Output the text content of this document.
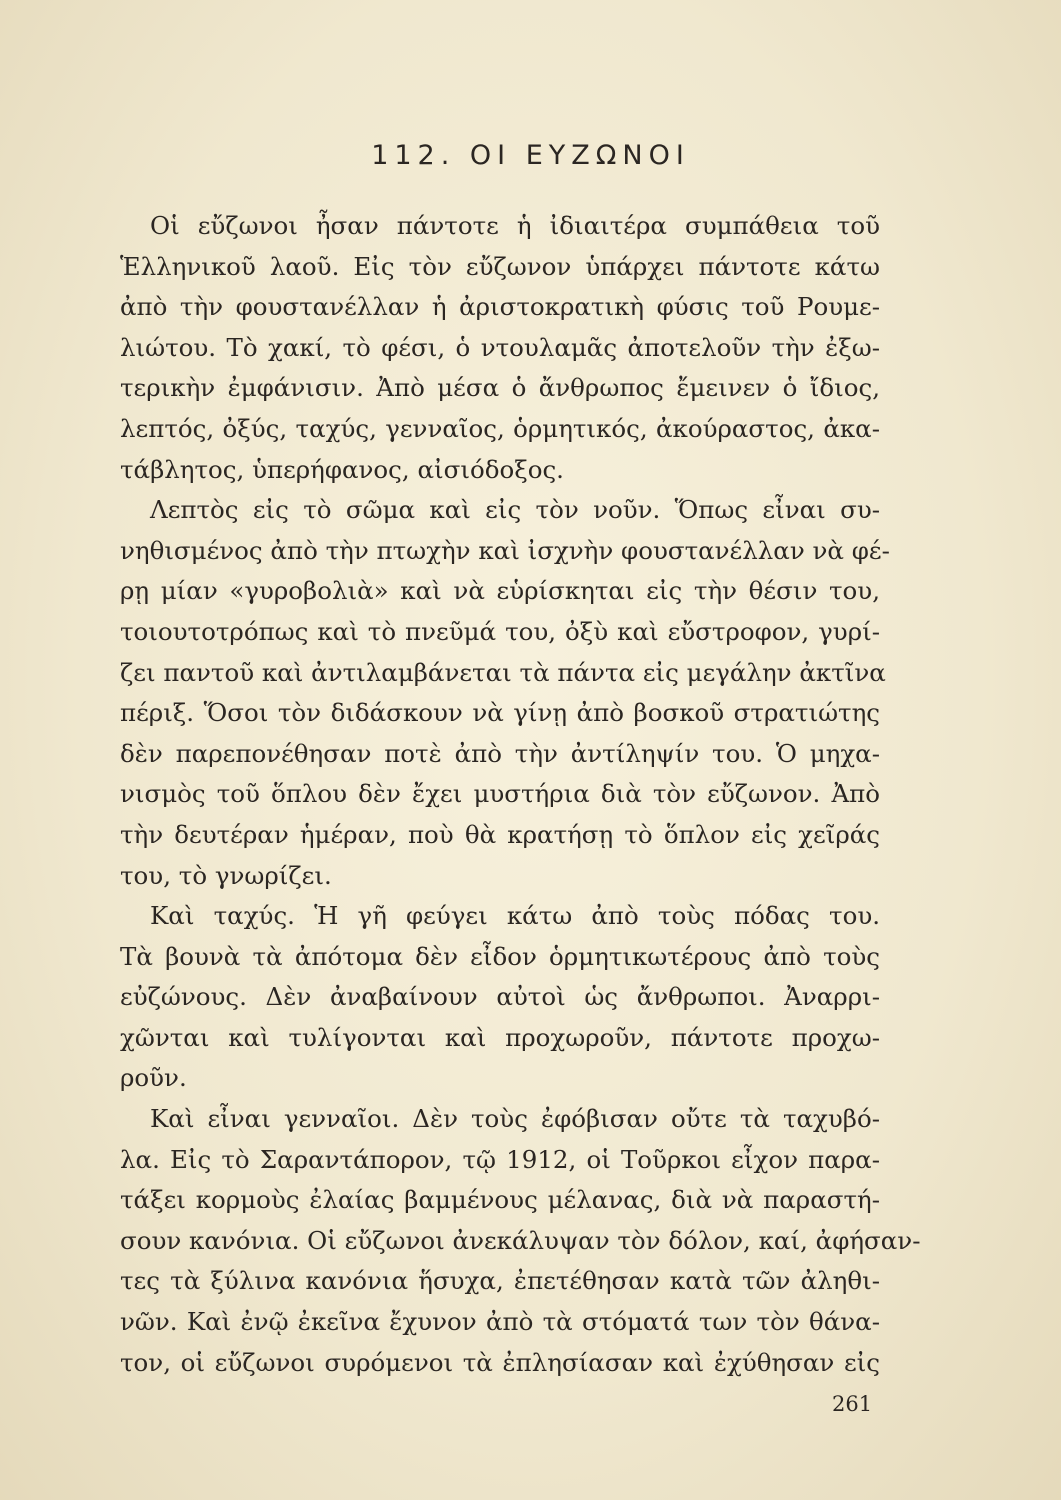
112. ΟΙ ΕΥΖΩΝΟΙ
Οἱ εὔζωνοι ἦσαν πάντοτε ἡ ἰδιαιτέρα συμπάθεια τοῦ
Ἑλληνικοῦ λαοῦ. Εἰς τὸν εὔζωνον ὑπάρχει πάντοτε κάτω
ἀπὸ τὴν φουστανέλλαν ἡ ἀριστοκρατικὴ φύσις τοῦ Ρουμε-
λιώτου. Τὸ χακί, τὸ φέσι, ὁ ντουλαμᾶς ἀποτελοῦν τὴν ἐξω-
τερικὴν ἐμφάνισιν. Ἀπὸ μέσα ὁ ἄνθρωπος ἔμεινεν ὁ ἴδιος,
λεπτός, ὀξύς, ταχύς, γενναῖος, ὁρμητικός, ἀκούραστος, ἀκα-
τάβλητος, ὑπερήφανος, αἰσιόδοξος.
Λεπτὸς εἰς τὸ σῶμα καὶ εἰς τὸν νοῦν. Ὅπως εἶναι συ-
νηθισμένος ἀπὸ τὴν πτωχὴν καὶ ἰσχνὴν φουστανέλλαν νὰ φέ-
ρῃ μίαν «γυροβολιὰ» καὶ νὰ εὑρίσκηται εἰς τὴν θέσιν του,
τοιουτοτρόπως καὶ τὸ πνεῦμά του, ὀξὺ καὶ εὔστροφον, γυρί-
ζει παντοῦ καὶ ἀντιλαμβάνεται τὰ πάντα εἰς μεγάλην ἀκτῖνα
πέριξ. Ὅσοι τὸν διδάσκουν νὰ γίνῃ ἀπὸ βοσκοῦ στρατιώτης
δὲν παρεπονέθησαν ποτὲ ἀπὸ τὴν ἀντίληψίν του. Ὁ μηχα-
νισμὸς τοῦ ὅπλου δὲν ἔχει μυστήρια διὰ τὸν εὔζωνον. Ἀπὸ
τὴν δευτέραν ἡμέραν, ποὺ θὰ κρατήσῃ τὸ ὅπλον εἰς χεῖράς
του, τὸ γνωρίζει.
Καὶ ταχύς. Ἡ γῆ φεύγει κάτω ἀπὸ τοὺς πόδας του.
Τὰ βουνὰ τὰ ἀπότομα δὲν εἶδον ὁρμητικωτέρους ἀπὸ τοὺς
εὐζώνους. Δὲν ἀναβαίνουν αὐτοὶ ὡς ἄνθρωποι. Ἀναρρι-
χῶνται καὶ τυλίγονται καὶ προχωροῦν, πάντοτε προχω-
ροῦν.
Καὶ εἶναι γενναῖοι. Δὲν τοὺς ἐφόβισαν οὔτε τὰ ταχυβό-
λα. Εἰς τὸ Σαραντάπορον, τῷ 1912, οἱ Τοῦρκοι εἶχον παρα-
τάξει κορμοὺς ἐλαίας βαμμένους μέλανας, διὰ νὰ παραστή-
σουν κανόνια. Οἱ εὔζωνοι ἀνεκάλυψαν τὸν δόλον, καί, ἀφήσαν-
τες τὰ ξύλινα κανόνια ἥσυχα, ἐπετέθησαν κατὰ τῶν ἀληθι-
νῶν. Καὶ ἐνῷ ἐκεῖνα ἔχυνον ἀπὸ τὰ στόματά των τὸν θάνα-
τον, οἱ εὔζωνοι συρόμενοι τὰ ἐπλησίασαν καὶ ἐχύθησαν εἰς
261
